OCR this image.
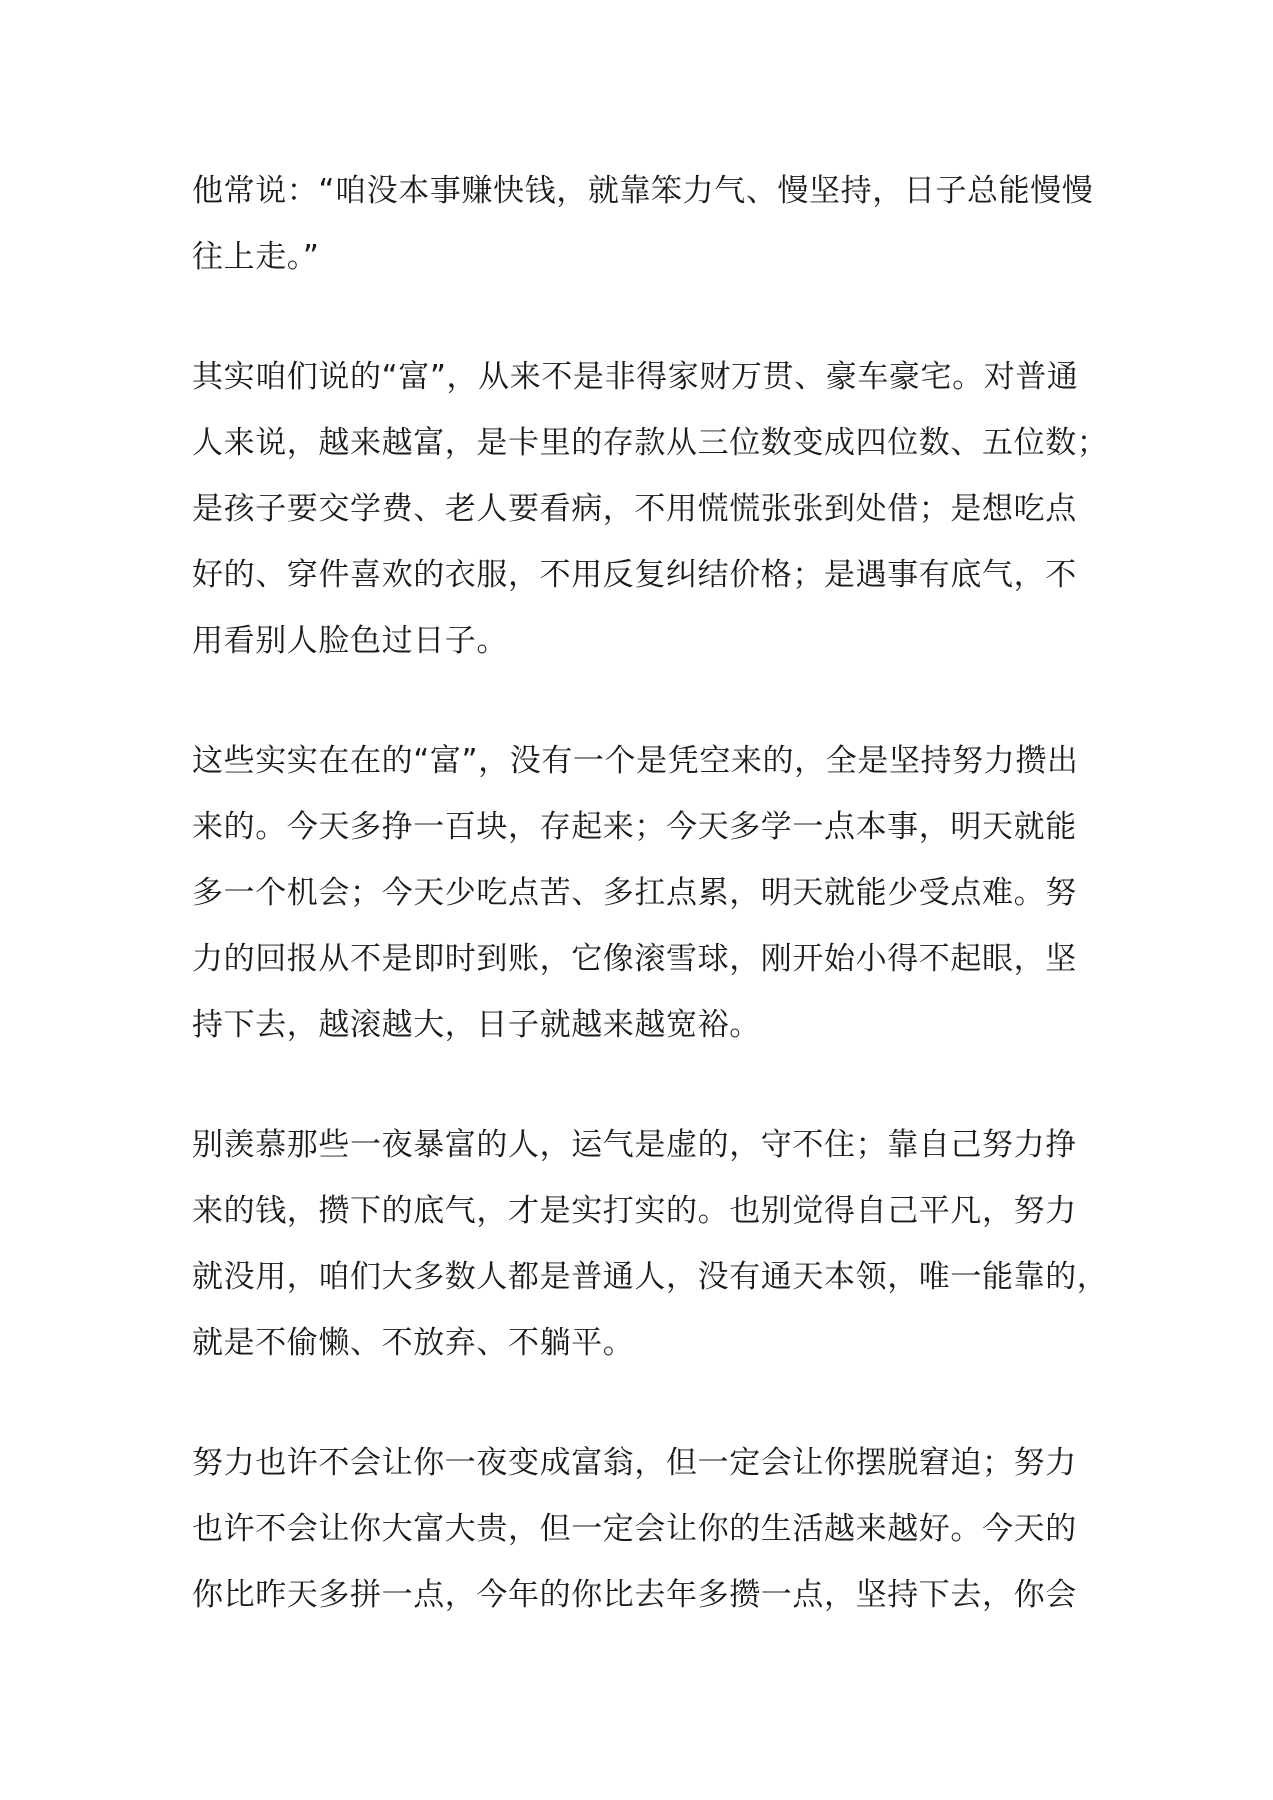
他常说：“咱没本事赚快钱，就靠笨力气、慢坚持，日子总能慢慢
往上走。”

其实咱们说的“富”，从来不是非得家财万贯、豪车豪宅。对普通
人来说，越来越富，是卡里的存款从三位数变成四位数、五位数；
是孩子要交学费、老人要看病，不用慌慌张张到处借；是想吃点
好的、穿件喜欢的衣服，不用反复纠结价格；是遇事有底气，不
用看别人脸色过日子。

这些实实在在的“富”，没有一个是凭空来的，全是坚持努力攒出
来的。今天多挣一百块，存起来；今天多学一点本事，明天就能
多一个机会；今天少吃点苦、多扛点累，明天就能少受点难。努
力的回报从不是即时到账，它像滚雪球，刚开始小得不起眼，坚
持下去，越滚越大，日子就越来越宽裕。

别羡慕那些一夜暴富的人，运气是虚的，守不住；靠自己努力挣
来的钱，攒下的底气，才是实打实的。也别觉得自己平凡，努力
就没用，咱们大多数人都是普通人，没有通天本领，唯一能靠的，
就是不偷懒、不放弃、不躺平。

努力也许不会让你一夜变成富翁，但一定会让你摆脱窘迫；努力
也许不会让你大富大贵，但一定会让你的生活越来越好。今天的
你比昨天多拼一点，今年的你比去年多攒一点，坚持下去，你会
